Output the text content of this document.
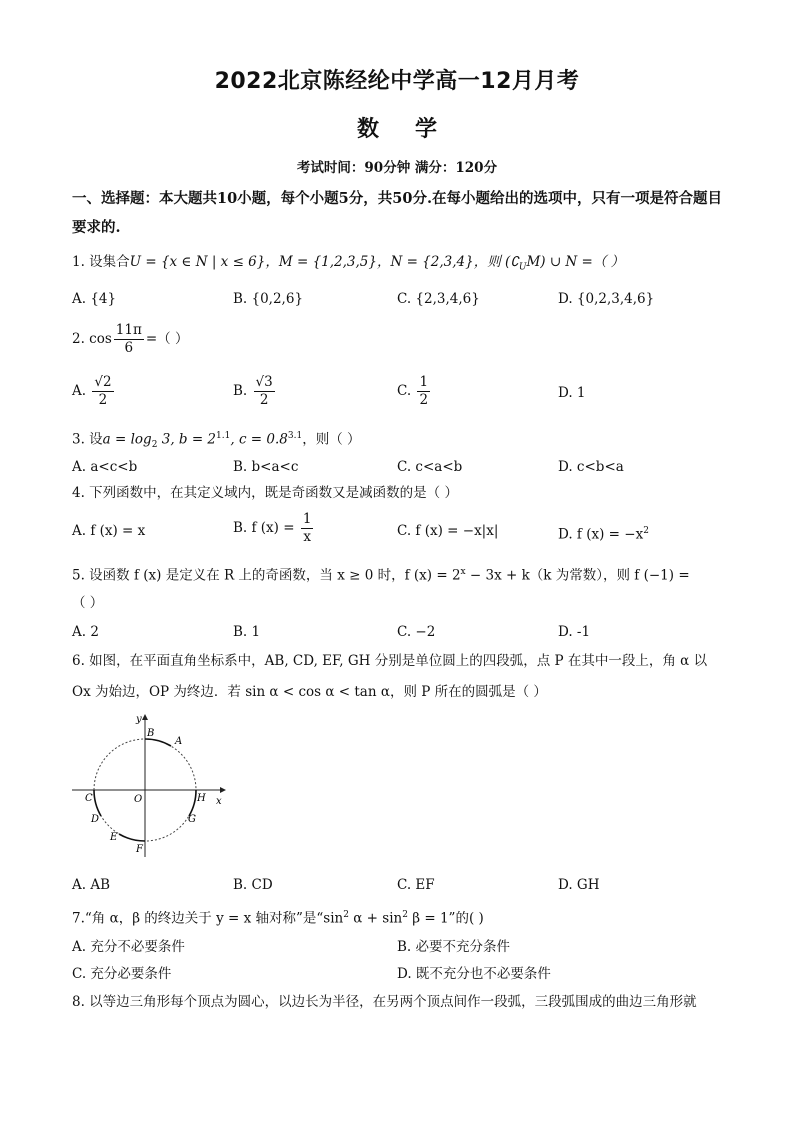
2022北京陈经纶中学高一12月月考
数学
考试时间：90分钟 满分：120分
一、选择题：本大题共10小题，每个小题5分，共50分.在每小题给出的选项中，只有一项是符合题目要求的.
1. 设集合U = {x ∈ N | x ≤ 6}，M = {1,2,3,5}，N = {2,3,4}，则 $(∁_UM)$ ∪ N =（ ）
A. {4}	B. {0,2,6}	C. {2,3,4,6}	D. {0,2,3,4,6}
2. $\cos \frac{11\pi}{6}$ =（ ）
A. $\frac{√2}{2}$	B. $\frac{√3}{2}$	C. $\frac{1}{2}$	D. 1
3. 设$a = \log_2 3$, $b = 2^{1.1}$, $c = 0.8^{3.1}$，则（ ）
A. a<c<b	B. b<a<c	C. c<a<b	D. c<b<a
4. 下列函数中，在其定义域内，既是奇函数又是减函数的是（ ）
A. f (x) = x	B. f $(x) = \frac{1}{x}$	C. f (x) = −x|x|	D. f $(x) = -x^2$
5. 设函数 f (x) 是定义在 R 上的奇函数，当 x ≥ 0 时，f $(x) = 2^x - 3x + k(k$ 为常数），则 f (−1) =
（ ）
A. 2	B. 1	C. −2	D. -1
6. 如图，在平面直角坐标系中，AB, CD, EF, GH 分别是单位圆上的四段弧，点 P 在其中一段上，角 α 以
Ox 为始边，OP 为终边．若 sin α < cos α < tan α，则 P 所在的圆弧是（ ）
y
x
O
A
B
C
D
E
F
G
H
A. AB	B. CD	C. EF	D. GH
7.“角 α，β 的终边关于 y = x 轴对称”是“$\sin^2$ $\alpha + \sin^2 \beta = 1$”的( )
A. 充分不必要条件	B. 必要不充分条件
C. 充分必要条件	D. 既不充分也不必要条件
8. 以等边三角形每个顶点为圆心，以边长为半径，在另两个顶点间作一段弧，三段弧围成的曲边三角形就
